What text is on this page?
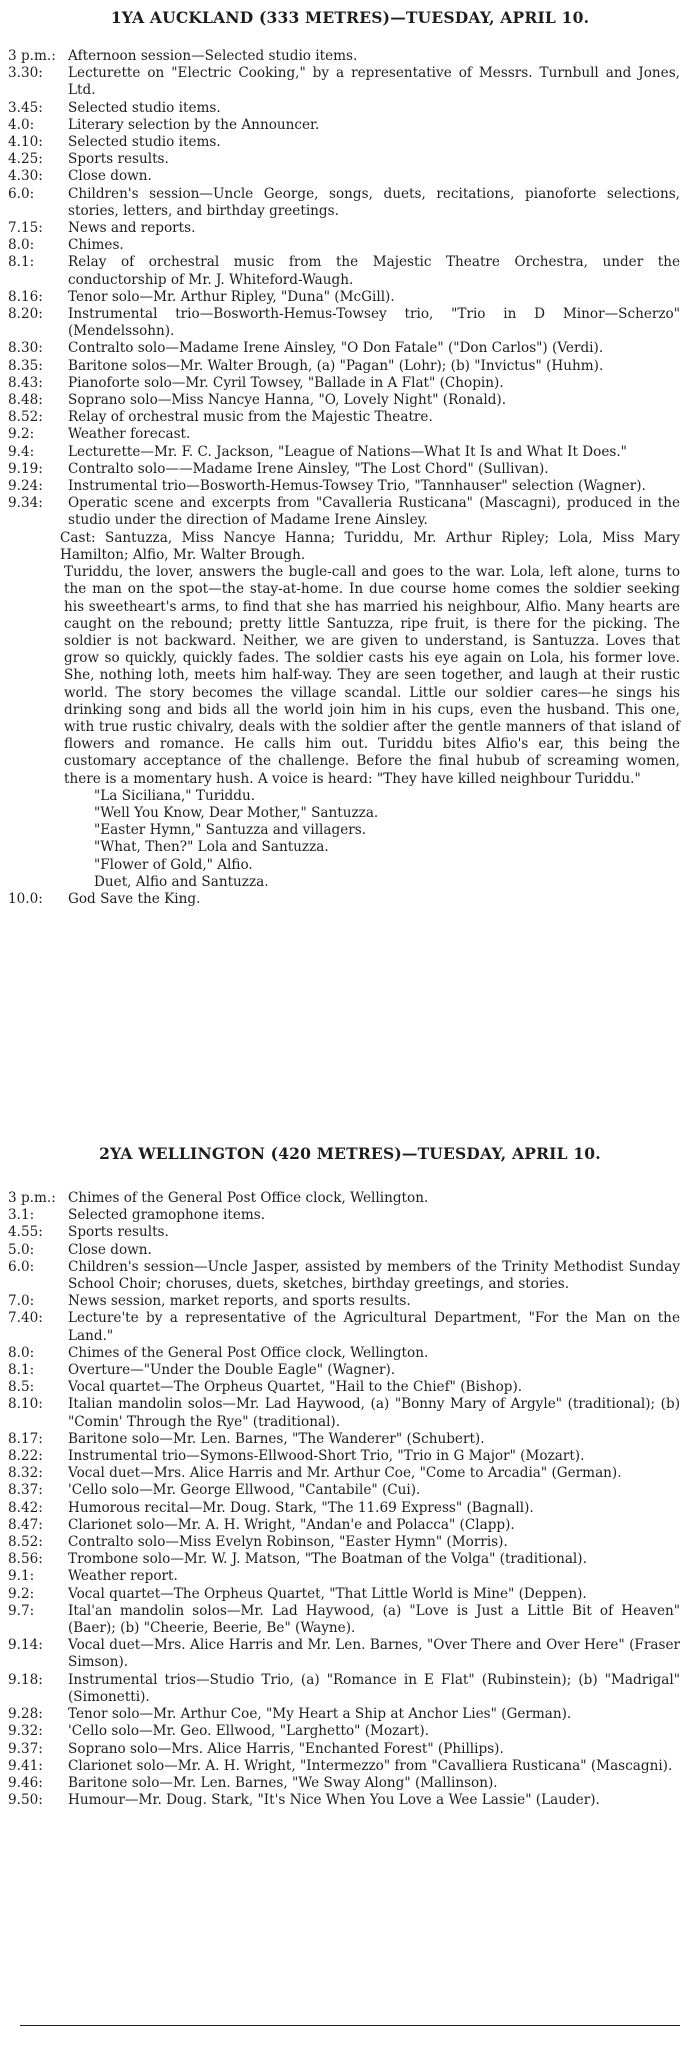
1YA AUCKLAND (333 METRES)—TUESDAY, APRIL 10.
3 p.m.: Afternoon session—Selected studio items.
3.30:	Lecturette on "Electric Cooking," by a representative of Messrs. Turnbull and Jones, Ltd.
3.45:	Selected studio items.
4.0:	Literary selection by the Announcer.
4.10:	Selected studio items.
4.25:	Sports results.
4.30:	Close down.
6.0:	Children's session—Uncle George, songs, duets, recitations, pianoforte selections, stories, letters, and birthday greetings.
7.15:	News and reports.
8.0:	Chimes.
8.1:	Relay of orchestral music from the Majestic Theatre Orchestra, under the conductorship of Mr. J. Whiteford-Waugh.
8.16:	Tenor solo—Mr. Arthur Ripley, "Duna" (McGill).
8.20:	Instrumental trio—Bosworth-Hemus-Towsey trio, "Trio in D Minor—Scherzo" (Mendelssohn).
8.30:	Contralto solo—Madame Irene Ainsley, "O Don Fatale" ("Don Carlos") (Verdi).
8.35:	Baritone solos—Mr. Walter Brough, (a) "Pagan" (Lohr); (b) "Invictus" (Huhm).
8.43:	Pianoforte solo—Mr. Cyril Towsey, "Ballade in A Flat" (Chopin).
8.48:	Soprano solo—Miss Nancye Hanna, "O, Lovely Night" (Ronald).
8.52:	Relay of orchestral music from the Majestic Theatre.
9.2:	Weather forecast.
9.4:	Lecturette—Mr. F. C. Jackson, "League of Nations—What It Is and What It Does."
9.19:	Contralto solo——Madame Irene Ainsley, "The Lost Chord" (Sullivan).
9.24:	Instrumental trio—Bosworth-Hemus-Towsey Trio, "Tannhauser" selection (Wagner).
9.34:	Operatic scene and excerpts from "Cavalleria Rusticana" (Mascagni), produced in the studio under the direction of Madame Irene Ainsley.
Cast: Santuzza, Miss Nancye Hanna; Turiddu, Mr. Arthur Ripley; Lola, Miss Mary Hamilton; Alfio, Mr. Walter Brough.
Turiddu, the lover, answers the bugle-call and goes to the war. Lola, left alone, turns to the man on the spot—the stay-at-home. In due course home comes the soldier seeking his sweetheart's arms, to find that she has married his neighbour, Alfio. Many hearts are caught on the rebound; pretty little Santuzza, ripe fruit, is there for the picking. The soldier is not backward. Neither, we are given to understand, is Santuzza. Loves that grow so quickly, quickly fades. The soldier casts his eye again on Lola, his former love. She, nothing loth, meets him half-way. They are seen together, and laugh at their rustic world. The story becomes the village scandal. Little our soldier cares—he sings his drinking song and bids all the world join him in his cups, even the husband. This one, with true rustic chivalry, deals with the soldier after the gentle manners of that island of flowers and romance. He calls him out. Turiddu bites Alfio's ear, this being the customary acceptance of the challenge. Before the final hubub of screaming women, there is a momentary hush. A voice is heard: "They have killed neighbour Turiddu."
"La Siciliana," Turiddu.
"Well You Know, Dear Mother," Santuzza.
"Easter Hymn," Santuzza and villagers.
"What, Then?" Lola and Santuzza.
"Flower of Gold," Alfio.
Duet, Alfio and Santuzza.
10.0:	God Save the King.
2YA WELLINGTON (420 METRES)—TUESDAY, APRIL 10.
3 p.m.: Chimes of the General Post Office clock, Wellington.
3.1:	Selected gramophone items.
4.55:	Sports results.
5.0:	Close down.
6.0:	Children's session—Uncle Jasper, assisted by members of the Trinity Methodist Sunday School Choir; choruses, duets, sketches, birthday greetings, and stories.
7.0:	News session, market reports, and sports results.
7.40:	Lecture'te by a representative of the Agricultural Department, "For the Man on the Land."
8.0:	Chimes of the General Post Office clock, Wellington.
8.1:	Overture—"Under the Double Eagle" (Wagner).
8.5:	Vocal quartet—The Orpheus Quartet, "Hail to the Chief" (Bishop).
8.10:	Italian mandolin solos—Mr. Lad Haywood, (a) "Bonny Mary of Argyle" (traditional); (b) "Comin' Through the Rye" (traditional).
8.17:	Baritone solo—Mr. Len. Barnes, "The Wanderer" (Schubert).
8.22:	Instrumental trio—Symons-Ellwood-Short Trio, "Trio in G Major" (Mozart).
8.32:	Vocal duet—Mrs. Alice Harris and Mr. Arthur Coe, "Come to Arcadia" (German).
8.37:	'Cello solo—Mr. George Ellwood, "Cantabile" (Cui).
8.42:	Humorous recital—Mr. Doug. Stark, "The 11.69 Express" (Bagnall).
8.47:	Clarionet solo—Mr. A. H. Wright, "Andan'e and Polacca" (Clapp).
8.52:	Contralto solo—Miss Evelyn Robinson, "Easter Hymn" (Morris).
8.56:	Trombone solo—Mr. W. J. Matson, "The Boatman of the Volga" (traditional).
9.1:	Weather report.
9.2:	Vocal quartet—The Orpheus Quartet, "That Little World is Mine" (Deppen).
9.7:	Ital'an mandolin solos—Mr. Lad Haywood, (a) "Love is Just a Little Bit of Heaven" (Baer); (b) "Cheerie, Beerie, Be" (Wayne).
9.14:	Vocal duet—Mrs. Alice Harris and Mr. Len. Barnes, "Over There and Over Here" (Fraser Simson).
9.18:	Instrumental trios—Studio Trio, (a) "Romance in E Flat" (Rubinstein); (b) "Madrigal" (Simonetti).
9.28:	Tenor solo—Mr. Arthur Coe, "My Heart a Ship at Anchor Lies" (German).
9.32:	'Cello solo—Mr. Geo. Ellwood, "Larghetto" (Mozart).
9.37:	Soprano solo—Mrs. Alice Harris, "Enchanted Forest" (Phillips).
9.41:	Clarionet solo—Mr. A. H. Wright, "Intermezzo" from "Cavalliera Rusticana" (Mascagni).
9.46:	Baritone solo—Mr. Len. Barnes, "We Sway Along" (Mallinson).
9.50:	Humour—Mr. Doug. Stark, "It's Nice When You Love a Wee Lassie" (Lauder).
